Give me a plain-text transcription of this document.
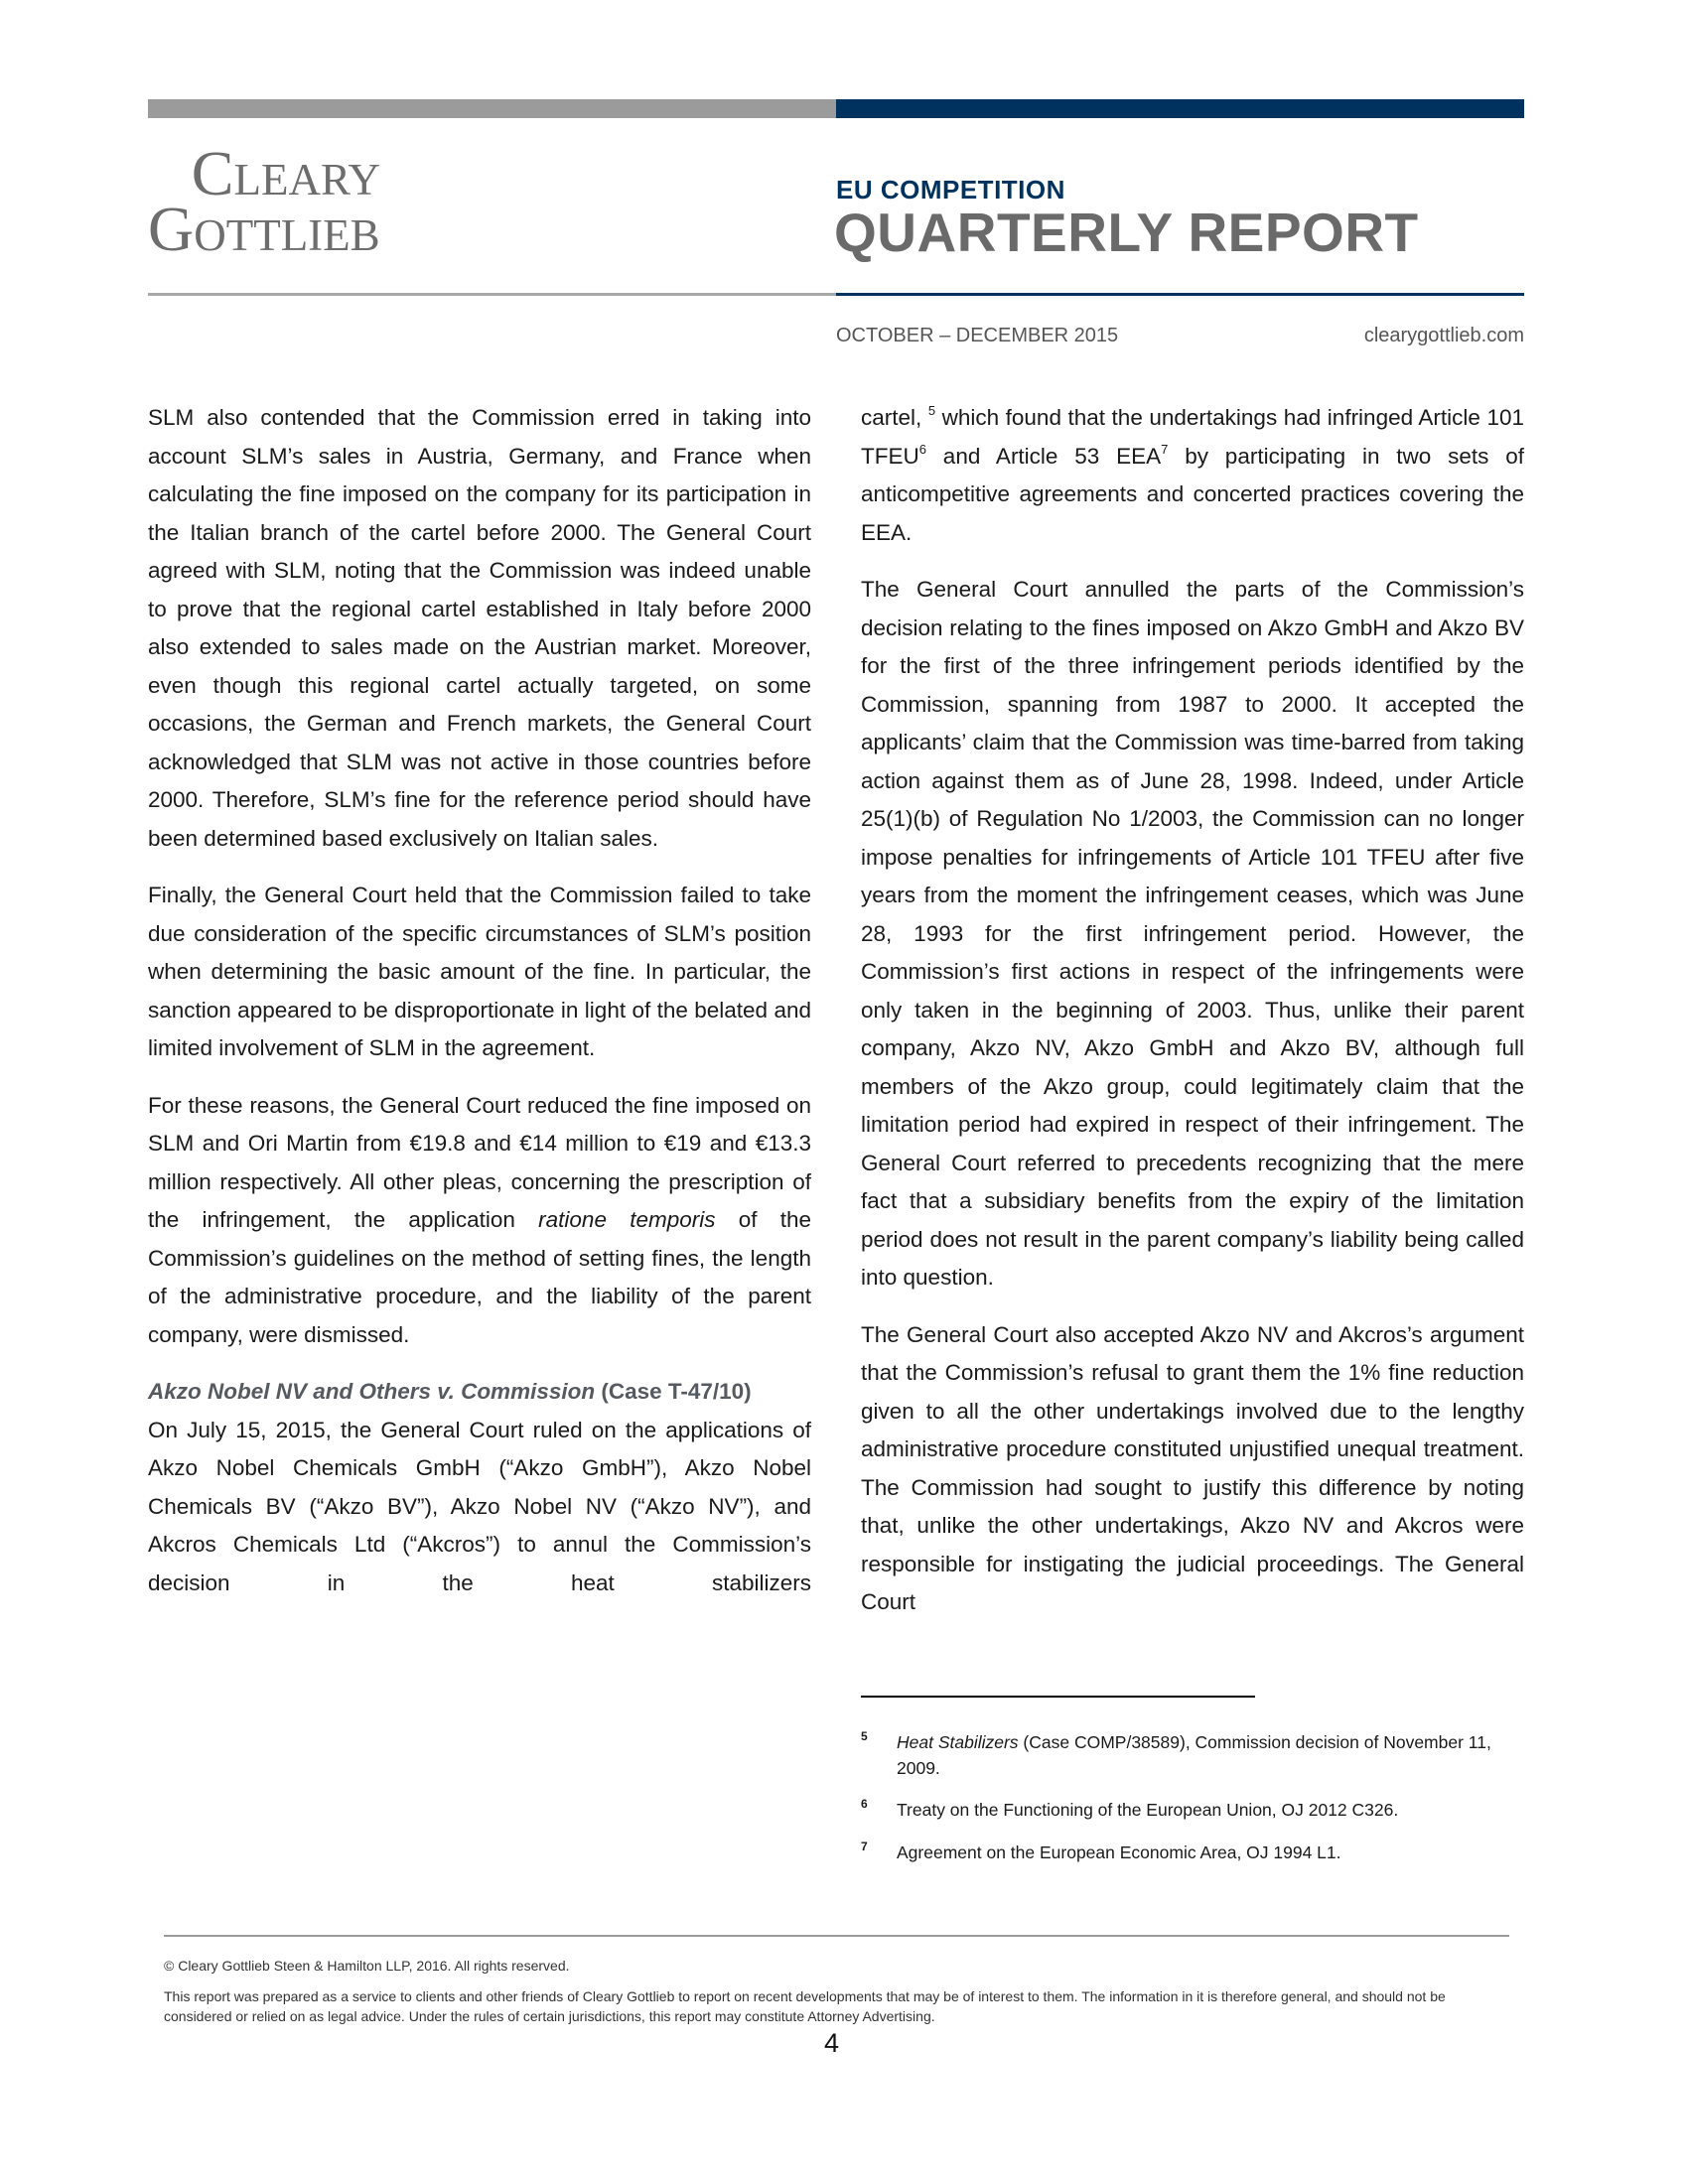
Cleary
Gottlieb
EU COMPETITION
QUARTERLY REPORT
OCTOBER – DECEMBER 2015	clearygottlieb.com

SLM also contended that the Commission erred in taking into account SLM’s sales in Austria, Germany, and France when calculating the fine imposed on the company for its participation in the Italian branch of the cartel before 2000. The General Court agreed with SLM, noting that the Commission was indeed unable to prove that the regional cartel established in Italy before 2000 also extended to sales made on the Austrian market. Moreover, even though this regional cartel actually targeted, on some occasions, the German and French markets, the General Court acknowledged that SLM was not active in those countries before 2000. Therefore, SLM’s fine for the reference period should have been determined based exclusively on Italian sales.

Finally, the General Court held that the Commission failed to take due consideration of the specific circumstances of SLM’s position when determining the basic amount of the fine. In particular, the sanction appeared to be disproportionate in light of the belated and limited involvement of SLM in the agreement.

For these reasons, the General Court reduced the fine imposed on SLM and Ori Martin from €19.8 and €14 million to €19 and €13.3 million respectively. All other pleas, concerning the prescription of the infringement, the application ratione temporis of the Commission’s guidelines on the method of setting fines, the length of the administrative procedure, and the liability of the parent company, were dismissed.

Akzo Nobel NV and Others v. Commission (Case T-47/10)

On July 15, 2015, the General Court ruled on the applications of Akzo Nobel Chemicals GmbH (“Akzo GmbH”), Akzo Nobel Chemicals BV (“Akzo BV”), Akzo Nobel NV (“Akzo NV”), and Akcros Chemicals Ltd (“Akcros”) to annul the Commission’s decision in the heat stabilizers

cartel, $^5$ which found that the undertakings had infringed Article 101 TFEU$^6$ and Article 53 EEA$^7$ by participating in two sets of anticompetitive agreements and concerted practices covering the EEA.

The General Court annulled the parts of the Commission’s decision relating to the fines imposed on Akzo GmbH and Akzo BV for the first of the three infringement periods identified by the Commission, spanning from 1987 to 2000. It accepted the applicants’ claim that the Commission was time-barred from taking action against them as of June 28, 1998. Indeed, under Article 25(1)(b) of Regulation No 1/2003, the Commission can no longer impose penalties for infringements of Article 101 TFEU after five years from the moment the infringement ceases, which was June 28, 1993 for the first infringement period. However, the Commission’s first actions in respect of the infringements were only taken in the beginning of 2003. Thus, unlike their parent company, Akzo NV, Akzo GmbH and Akzo BV, although full members of the Akzo group, could legitimately claim that the limitation period had expired in respect of their infringement. The General Court referred to precedents recognizing that the mere fact that a subsidiary benefits from the expiry of the limitation period does not result in the parent company’s liability being called into question.

The General Court also accepted Akzo NV and Akcros’s argument that the Commission’s refusal to grant them the 1% fine reduction given to all the other undertakings involved due to the lengthy administrative procedure constituted unjustified unequal treatment. The Commission had sought to justify this difference by noting that, unlike the other undertakings, Akzo NV and Akcros were responsible for instigating the judicial proceedings. The General Court

5 Heat Stabilizers (Case COMP/38589), Commission decision of November 11, 2009.
6 Treaty on the Functioning of the European Union, OJ 2012 C326.
7 Agreement on the European Economic Area, OJ 1994 L1.
© Cleary Gottlieb Steen & Hamilton LLP, 2016. All rights reserved.
This report was prepared as a service to clients and other friends of Cleary Gottlieb to report on recent developments that may be of interest to them. The information in it is therefore general, and should not be considered or relied on as legal advice. Under the rules of certain jurisdictions, this report may constitute Attorney Advertising.
4
